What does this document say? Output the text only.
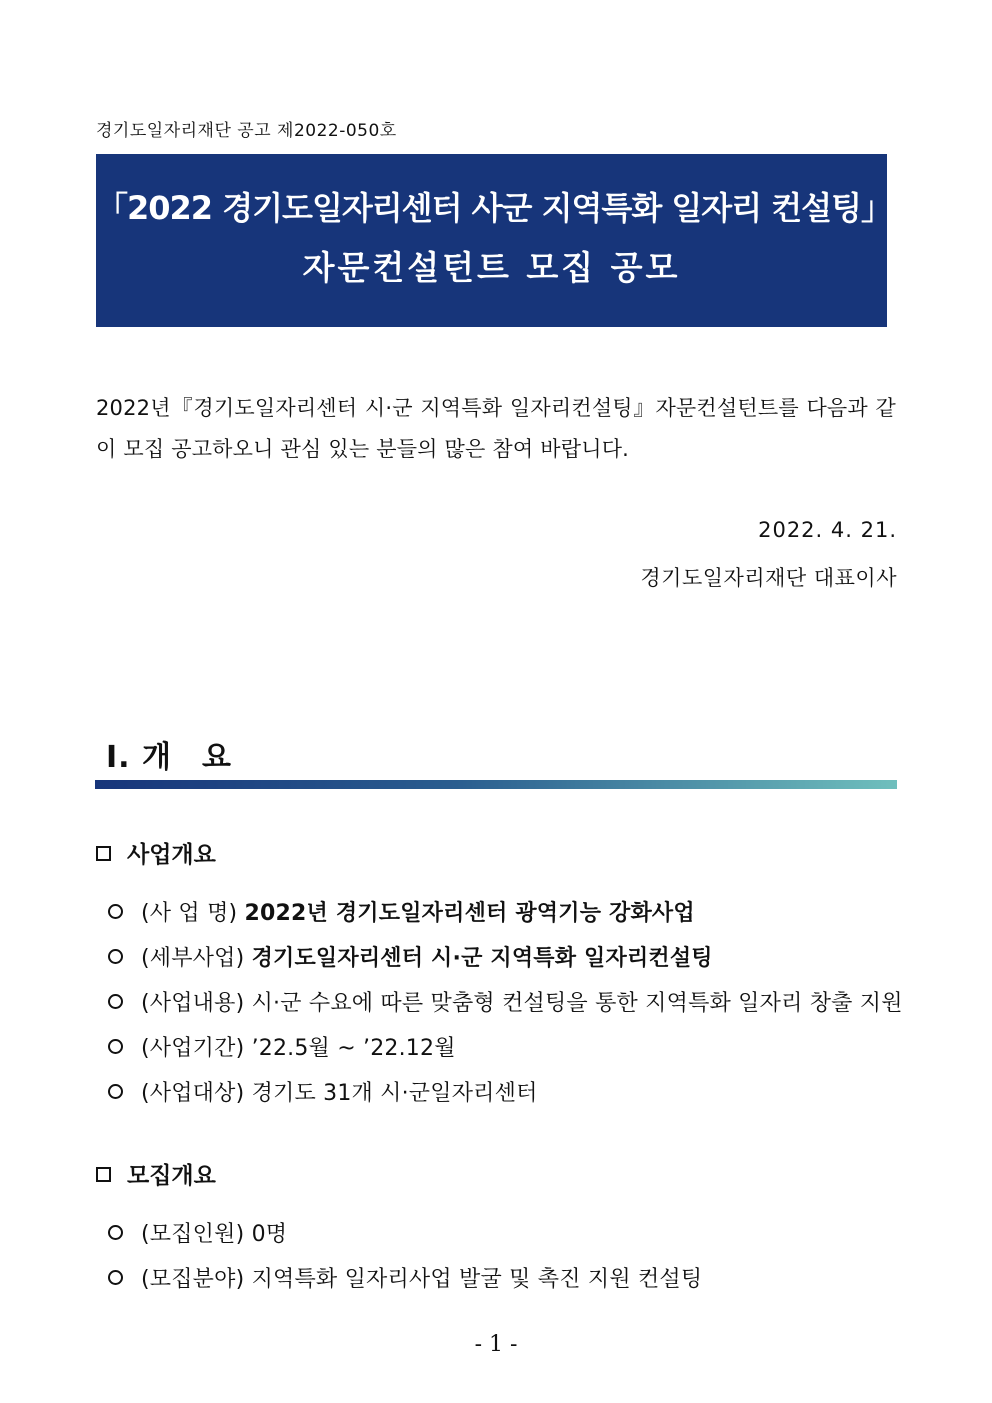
경기도일자리재단 공고 제2022-050호
「2022 경기도일자리센터 사군 지역특화 일자리 컨설팅」
자문컨설턴트 모집 공모
2022년『경기도일자리센터 시·군 지역특화 일자리컨설팅』자문컨설턴트를 다음과 같이 모집 공고하오니 관심 있는 분들의 많은 참여 바랍니다.
2022. 4. 21.
경기도일자리재단 대표이사
Ⅰ. 개 요
사업개요
(사 업 명) 2022년 경기도일자리센터 광역기능 강화사업
(세부사업) 경기도일자리센터 시·군 지역특화 일자리컨설팅
(사업내용) 시·군 수요에 따른 맞춤형 컨설팅을 통한 지역특화 일자리 창출 지원
(사업기간) ’22.5월 ~ ’22.12월
(사업대상) 경기도 31개 시·군일자리센터
모집개요
(모집인원) 0명
(모집분야) 지역특화 일자리사업 발굴 및 촉진 지원 컨설팅
- 1 -
